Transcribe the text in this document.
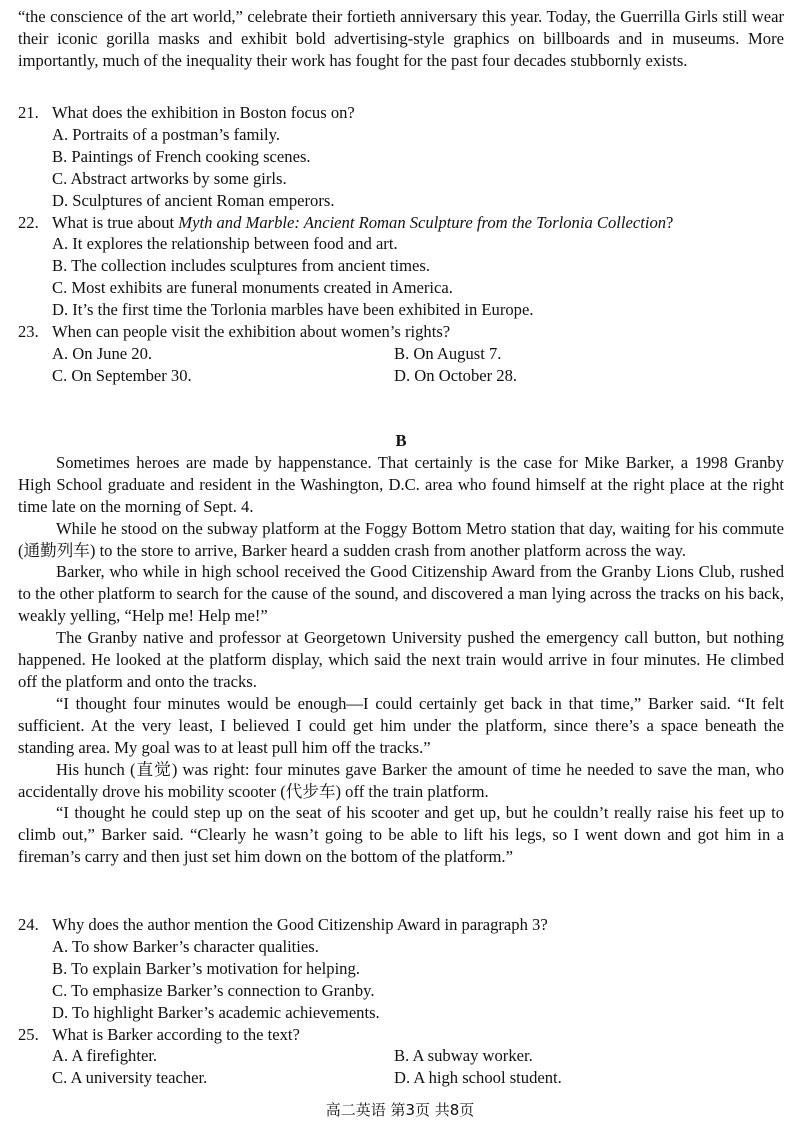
“the conscience of the art world,” celebrate their fortieth anniversary this year. Today, the Guerrilla Girls still wear their iconic gorilla masks and exhibit bold advertising-style graphics on billboards and in museums. More importantly, much of the inequality their work has fought for the past four decades stubbornly exists.

21. What does the exhibition in Boston focus on?
A. Portraits of a postman’s family.
B. Paintings of French cooking scenes.
C. Abstract artworks by some girls.
D. Sculptures of ancient Roman emperors.
22. What is true about Myth and Marble: Ancient Roman Sculpture from the Torlonia Collection?
A. It explores the relationship between food and art.
B. The collection includes sculptures from ancient times.
C. Most exhibits are funeral monuments created in America.
D. It’s the first time the Torlonia marbles have been exhibited in Europe.
23. When can people visit the exhibition about women’s rights?
A. On June 20.	B. On August 7.
C. On September 30.	D. On October 28.

B

Sometimes heroes are made by happenstance. That certainly is the case for Mike Barker, a 1998 Granby High School graduate and resident in the Washington, D.C. area who found himself at the right place at the right time late on the morning of Sept. 4.

While he stood on the subway platform at the Foggy Bottom Metro station that day, waiting for his commute (通勤列车) to the store to arrive, Barker heard a sudden crash from another platform across the way.

Barker, who while in high school received the Good Citizenship Award from the Granby Lions Club, rushed to the other platform to search for the cause of the sound, and discovered a man lying across the tracks on his back, weakly yelling, “Help me! Help me!”

The Granby native and professor at Georgetown University pushed the emergency call button, but nothing happened. He looked at the platform display, which said the next train would arrive in four minutes. He climbed off the platform and onto the tracks.

“I thought four minutes would be enough—I could certainly get back in that time,” Barker said. “It felt sufficient. At the very least, I believed I could get him under the platform, since there’s a space beneath the standing area. My goal was to at least pull him off the tracks.”

His hunch (直觉) was right: four minutes gave Barker the amount of time he needed to save the man, who accidentally drove his mobility scooter (代步车) off the train platform.

“I thought he could step up on the seat of his scooter and get up, but he couldn’t really raise his feet up to climb out,” Barker said. “Clearly he wasn’t going to be able to lift his legs, so I went down and got him in a fireman’s carry and then just set him down on the bottom of the platform.”

24. Why does the author mention the Good Citizenship Award in paragraph 3?
A. To show Barker’s character qualities.
B. To explain Barker’s motivation for helping.
C. To emphasize Barker’s connection to Granby.
D. To highlight Barker’s academic achievements.
25. What is Barker according to the text?
A. A firefighter.	B. A subway worker.
C. A university teacher.	D. A high school student.
高二英语 第3页 共8页
